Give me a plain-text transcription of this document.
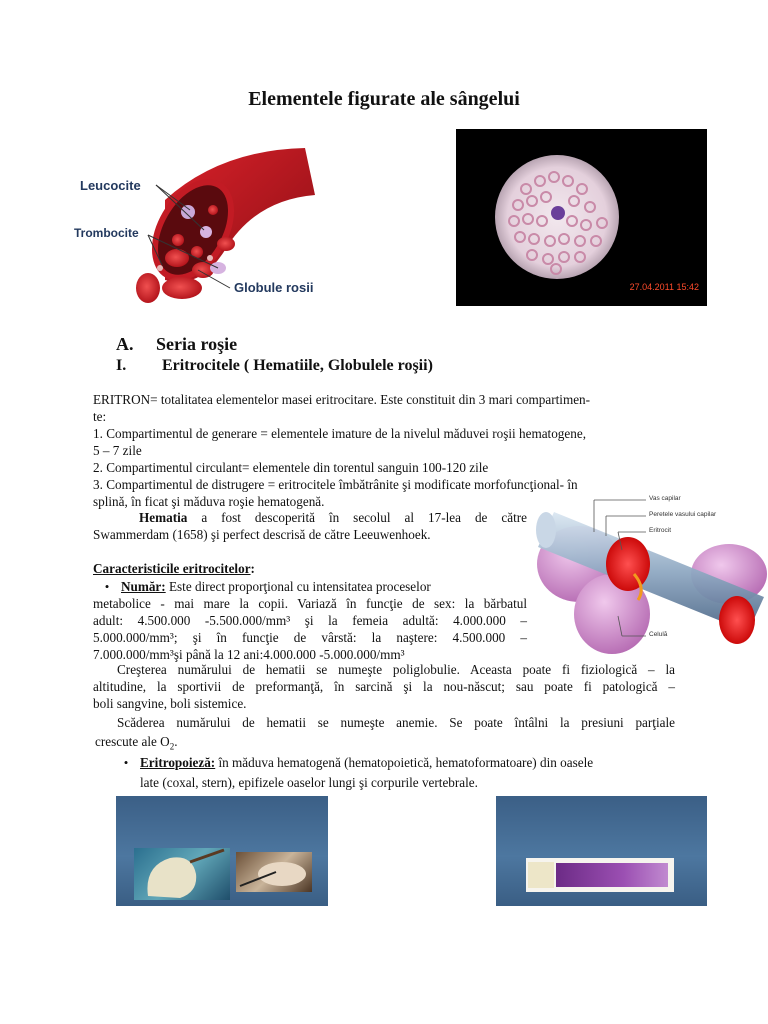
Elementele figurate ale sângelui
Leucocite
Trombocite
Globule rosii	27.04.2011 15:42
A. Seria roşie
I. Eritrocitele ( Hematiile, Globulele roşii)
ERITRON= totalitatea elementelor masei eritrocitare. Este constituit din 3 mari compartimen-
te:
1. Compartimentul de generare = elementele imature de la nivelul măduvei roşii hematogene,
5 – 7 zile
2. Compartimentul circulant= elementele din torentul sanguin 100-120 zile
3. Compartimentul de distrugere = eritrocitele îmbătrânite şi modificate morfofuncţional- în
splină, în ficat şi măduva roşie hematogenă.
Hematia a fost descoperită în secolul al 17-lea de către
Swammerdam (1658) şi perfect descrisă de către Leeuwenhoek.
Caracteristicile eritrocitelor:
• Număr: Este direct proporţional cu intensitatea proceselor
metabolice - mai mare la copii. Variază în funcţie de sex: la bărbatul
adult: 4.500.000 -5.500.000/mm³ şi la femeia adultă: 4.000.000 –
5.000.000/mm³; şi în funcţie de vârstă: la naştere: 4.500.000 –
7.000.000/mm³şi până la 12 ani:4.000.000 -5.000.000/mm³
Vas capilar
Peretele vasului capilar
Eritrocit
Celulă
Creşterea numărului de hematii se numeşte poliglobulie. Aceasta poate fi fiziologică – la
altitudine, la sportivii de preformanţă, în sarcină şi la nou-născut; sau poate fi patologică –
boli sangvine, boli sistemice.
Scăderea numărului de hematii se numeşte anemie. Se poate întâlni la presiuni parţiale
crescute ale $O_2$.
• Eritropoieză: în măduva hematogenă (hematopoietică, hematoformatoare) din oasele
late (coxal, stern), epifizele oaselor lungi şi corpurile vertebrale.
